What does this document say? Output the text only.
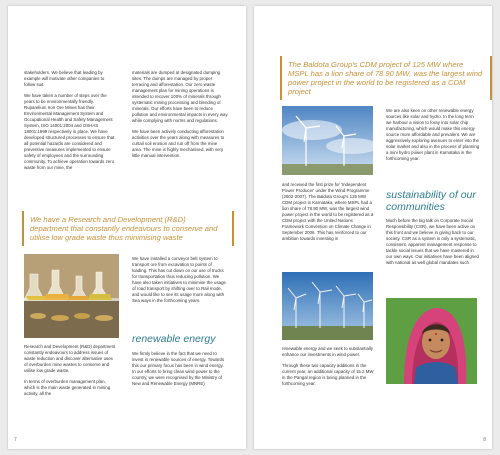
stakeholders. We believe that leading by example will motivate other companies to follow suit.

We have taken a number of steps over the years to be environmentally friendly. Ruparelium Iron Ore Mines has their Environmental Management System and Occupational Health and Safety Management System, ISO 14001:2004 and OSHAS 18001:1999 respectively in place. We have developed structured processes to ensure that all potential hazards are considered and preventive measures implemented to ensure safety of employees and the surrounding community. To achieve operation towards zero waste from our mine, the

materials are dumped at designated dumping sites. The dumps are managed by proper terracing and afforestation. Our zero waste management plan for mining operations is intended to recover 100% of minerals through systematic mining processing and blending of minerals. Our efforts have been to reduce pollution and environmental impacts in every way while complying with norms and regulations.

We have been actively conducting afforestation activities over the years along with measures to curtail soil erosion and run off from the mine area. The mine is highly mechanised, with very little manual intervention.

We have a Research and Development (R&D) department that constantly endeavours to conserve and utilise low grade waste thus minimising waste

Research and Development (R&D) department constantly endeavours to address issues of waste reduction and discover alternative uses of overburden mine wastes to conserve and utilise low grade waste.

In terms of overburden management plan, which is the main waste generated in mining activity, all the

We have installed a conveyor belt system to transport ore from excavation to points of loading. This has cut down on our use of trucks for transportation thus reducing pollution. We have also taken initiatives to minimise the usage of road transport by shifting over to Rail mode, and would like to see its usage more along with Sea ways in the forthcoming years.

renewable energy

We firmly believe in the fact that we need to invest in renewable sources of energy. Towards this our primary focus has been in wind energy. In our efforts to bring clean wind power to the country, we were recognised by the Ministry of New and Renewable Energy (MNRE)

7
The Baldota Group's CDM project of 125 MW where MSPL has a lion share of 78.90 MW, was the largest wind power project in the world to be registered as a CDM project

and received the first prize for 'Independent Power Producer' under the Wind Programme (2002-2007). The Baldota Group's 125 MW CDM project in Karnataka, where MSPL had a lion share of 78.90 MW, was the largest wind power project in the world to be registered as a CDM project with the United Nations Framework Convention on Climate Change in September 2006. This has reinforced to our ambition towards investing in

renewable energy and we seek to substantially enhance our investments in wind power.

Through these two capacity additions in the current year, an additional capacity of 15.2 MW in the Pangal region is being planned in the forthcoming year.

We are also keen on other renewable energy sources like solar and hydro. In the long term we harbour a vision to foray into solar chip manufacturing, which would make this energy source more affordable and prevalent. We are aggressively exploring avenues to enter into the solar market and also in the process of planning a mini hydro power plant in Karnataka in the forthcoming year.

sustainability of our communities

Much before the big talk on Corporate Social Responsibility (CSR), we have been active on this front and we believe in giving back to our society. CSR as a system is only a systematic, consistent, apparent management response to tackle social issues that we have mastered in our own ways. Our initiatives have been aligned with national as well global mandates such

8
